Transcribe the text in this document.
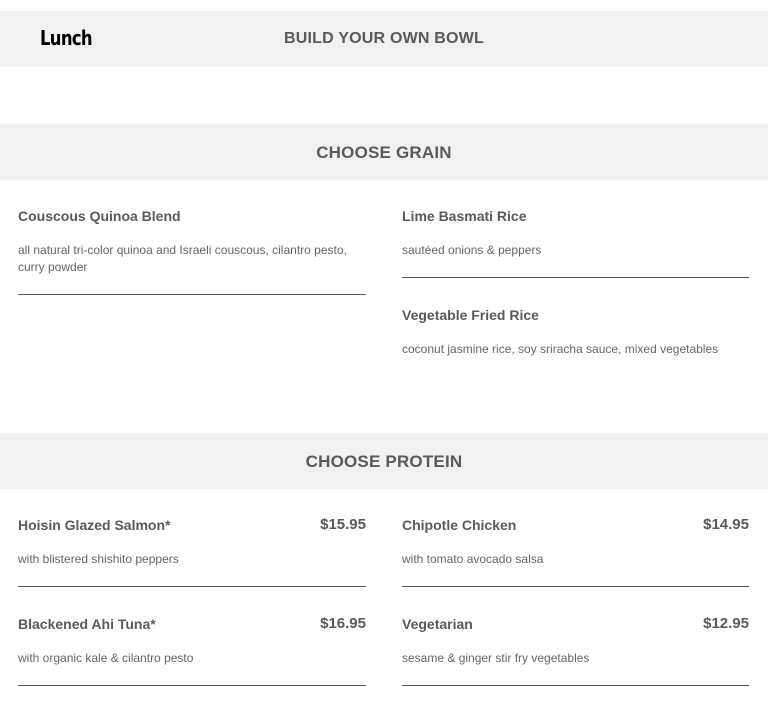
Lunch	BUILD YOUR OWN BOWL
CHOOSE GRAIN
Couscous Quinoa Blend
all natural tri-color quinoa and Israeli couscous, cilantro pesto, curry powder
Lime Basmati Rice
sautéed onions & peppers
Vegetable Fried Rice
coconut jasmine rice, soy sriracha sauce, mixed vegetables
CHOOSE PROTEIN
Hoisin Glazed Salmon*	$15.95
with blistered shishito peppers
Chipotle Chicken	$14.95
with tomato avocado salsa
Blackened Ahi Tuna*	$16.95
with organic kale & cilantro pesto
Vegetarian	$12.95
sesame & ginger stir fry vegetables
